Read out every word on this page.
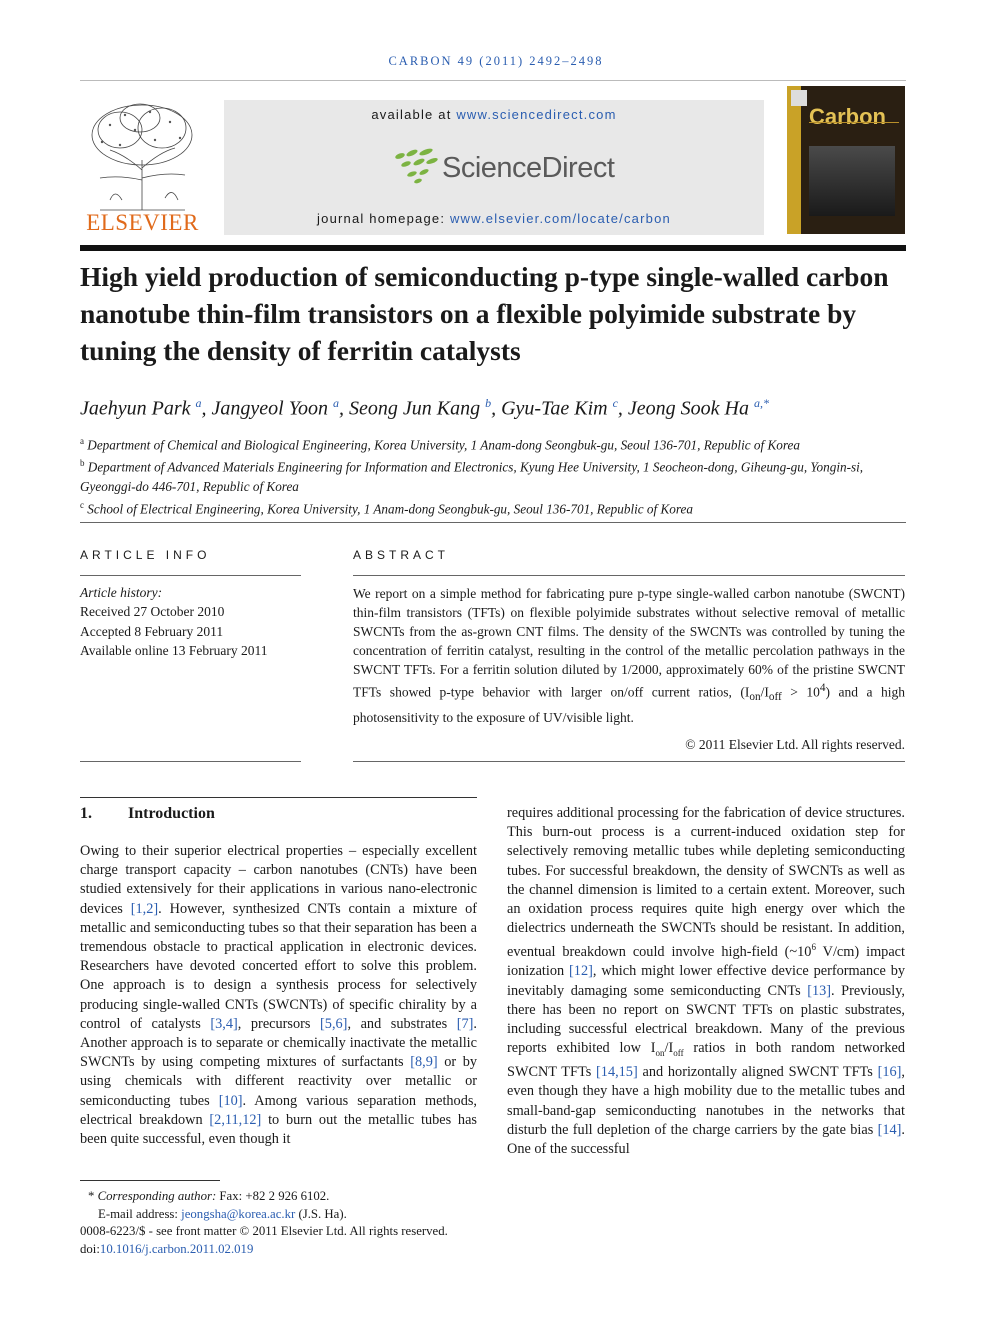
CARBON 49 (2011) 2492–2498
ELSEVIER
available at www.sciencedirect.com
ScienceDirect
journal homepage: www.elsevier.com/locate/carbon
Carbon
High yield production of semiconducting p-type single-walled carbon nanotube thin-film transistors on a flexible polyimide substrate by tuning the density of ferritin catalysts
Jaehyun Park $^a$, Jangyeol Yoon $^a$, Seong Jun Kang $^b$, Gyu-Tae Kim $^c$, Jeong Sook Ha $^{a,*}$
$^a$ Department of Chemical and Biological Engineering, Korea University, 1 Anam-dong Seongbuk-gu, Seoul 136-701, Republic of Korea
$^b$ Department of Advanced Materials Engineering for Information and Electronics, Kyung Hee University, 1 Seocheon-dong, Giheung-gu, Yongin-si, Gyeonggi-do 446-701, Republic of Korea
$^c$ School of Electrical Engineering, Korea University, 1 Anam-dong Seongbuk-gu, Seoul 136-701, Republic of Korea
ARTICLE INFO
Article history:
Received 27 October 2010
Accepted 8 February 2011
Available online 13 February 2011
ABSTRACT
We report on a simple method for fabricating pure p-type single-walled carbon nanotube (SWCNT) thin-film transistors (TFTs) on flexible polyimide substrates without selective removal of metallic SWCNTs from the as-grown CNT films. The density of the SWCNTs was controlled by tuning the concentration of ferritin catalyst, resulting in the control of the metallic percolation pathways in the SWCNT TFTs. For a ferritin solution diluted by 1/2000, approximately 60% of the pristine SWCNT TFTs showed p-type behavior with larger on/off current ratios, $(I_{on}/I_{off} > 10^4)$ and a high photosensitivity to the exposure of UV/visible light.
© 2011 Elsevier Ltd. All rights reserved.
1. Introduction

Owing to their superior electrical properties – especially excellent charge transport capacity – carbon nanotubes (CNTs) have been studied extensively for their applications in various nano-electronic devices [1,2]. However, synthesized CNTs contain a mixture of metallic and semiconducting tubes so that their separation has been a tremendous obstacle to practical application in electronic devices. Researchers have devoted concerted effort to solve this problem. One approach is to design a synthesis process for selectively producing single-walled CNTs (SWCNTs) of specific chirality by a control of catalysts [3,4], precursors [5,6], and substrates [7]. Another approach is to separate or chemically inactivate the metallic SWCNTs by using competing mixtures of surfactants [8,9] or by using chemicals with different reactivity over metallic or semiconducting tubes [10]. Among various separation methods, electrical breakdown [2,11,12] to burn out the metallic tubes has been quite successful, even though it

requires additional processing for the fabrication of device structures. This burn-out process is a current-induced oxidation step for selectively removing metallic tubes while depleting semiconducting tubes. For successful breakdown, the density of SWCNTs as well as the channel dimension is limited to a certain extent. Moreover, such an oxidation process requires quite high energy over which the dielectrics underneath the SWCNTs should be resistant. In addition, eventual breakdown could involve high-field ($\sim 10^6$ V/cm) impact ionization [12], which might lower effective device performance by inevitably damaging some semiconducting CNTs [13]. Previously, there has been no report on SWCNT TFTs on plastic substrates, including successful electrical breakdown. Many of the previous reports exhibited low $I_{on}/I_{off}$ ratios in both random networked SWCNT TFTs [14,15] and horizontally aligned SWCNT TFTs [16], even though they have a high mobility due to the metallic tubes and small-band-gap semiconducting nanotubes in the networks that disturb the full depletion of the charge carriers by the gate bias [14]. One of the successful

* Corresponding author: Fax: +82 2 926 6102.
E-mail address: jeongsha@korea.ac.kr (J.S. Ha).
0008-6223/$ - see front matter © 2011 Elsevier Ltd. All rights reserved.
doi:10.1016/j.carbon.2011.02.019
